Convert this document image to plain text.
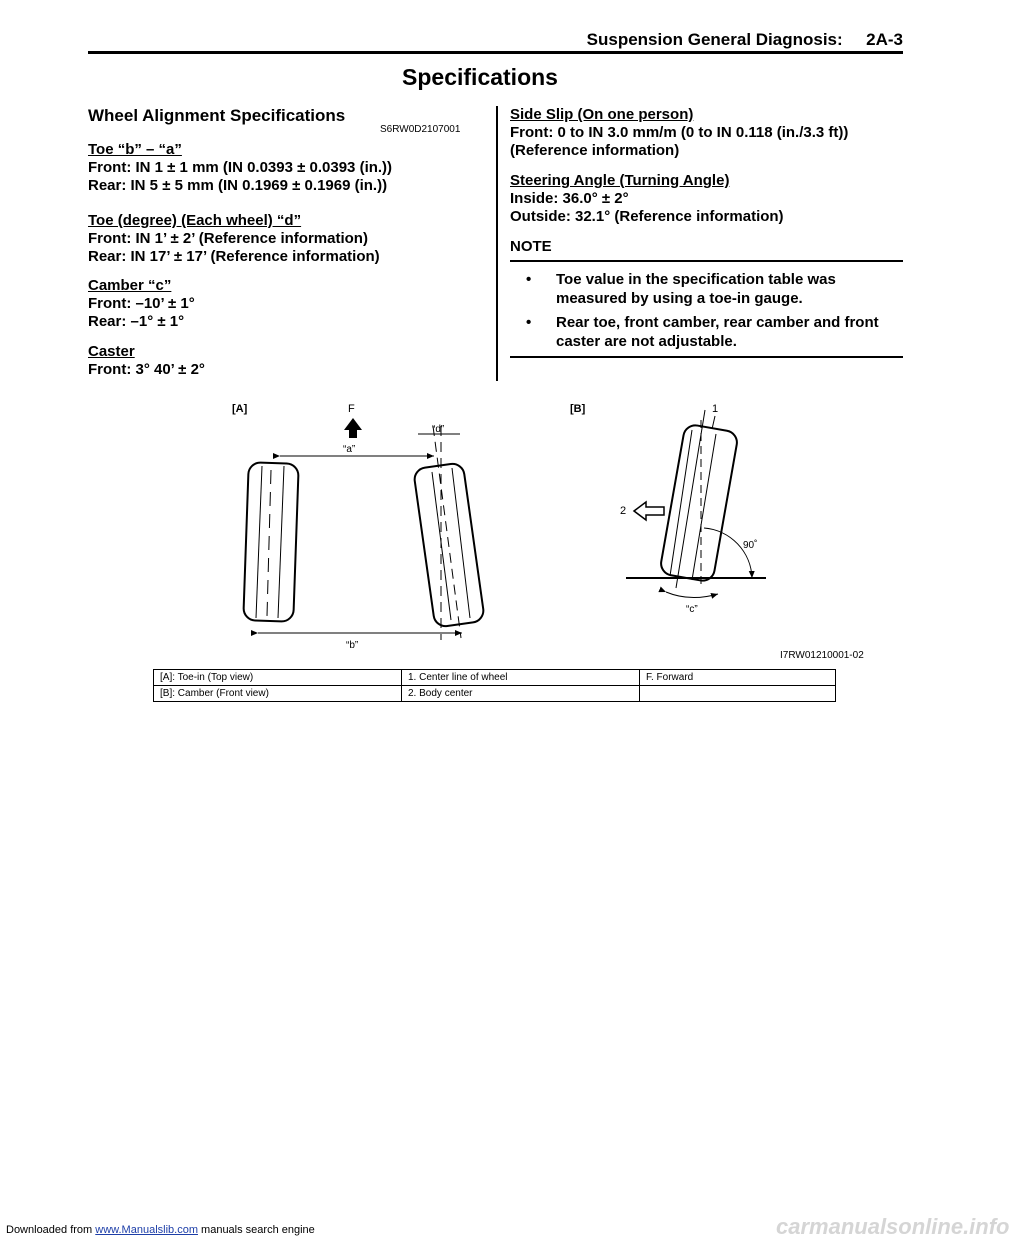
Suspension General Diagnosis: 2A-3
Specifications
Wheel Alignment Specifications
S6RW0D2107001
Toe “b” – “a”
Front: IN 1 ± 1 mm (IN 0.0393 ± 0.0393 (in.))
Rear: IN 5 ± 5 mm (IN 0.1969 ± 0.1969 (in.))
Toe (degree) (Each wheel) “d”
Front: IN 1’ ± 2’ (Reference information)
Rear: IN 17’ ± 17’ (Reference information)
Camber “c”
Front: –10’ ± 1°
Rear: –1° ± 1°
Caster
Front: 3° 40’ ± 2°
Side Slip (On one person)
Front: 0 to IN 3.0 mm/m (0 to IN 0.118 (in./3.3 ft))
(Reference information)
Steering Angle (Turning Angle)
Inside: 36.0° ± 2°
Outside: 32.1° (Reference information)
NOTE
•	Toe value in the specification table was measured by using a toe-in gauge.
•	Rear toe, front camber, rear camber and front caster are not adjustable.
[A]	F
“a”
“d”
“b”
[B]	1
90˚
2
“c”
I7RW01210001-02
[A]: Toe-in (Top view)	1. Center line of wheel	F. Forward
[B]: Camber (Front view)	2. Body center	
Downloaded from www.Manualslib.com manuals search engine	carmanualsonline.info
